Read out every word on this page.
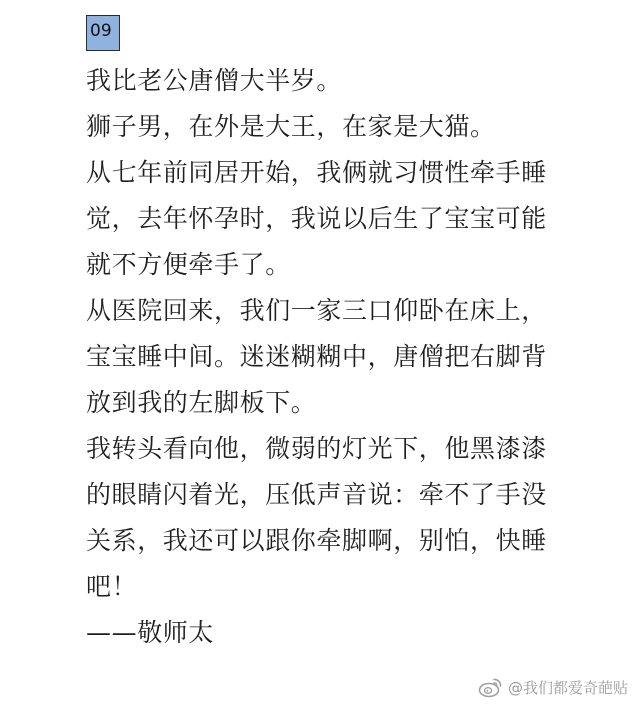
09
我比老公唐僧大半岁。
狮子男，在外是大王，在家是大猫。
从七年前同居开始，我俩就习惯性牵手睡
觉，去年怀孕时，我说以后生了宝宝可能
就不方便牵手了。
从医院回来，我们一家三口仰卧在床上，
宝宝睡中间。迷迷糊糊中，唐僧把右脚背
放到我的左脚板下。
我转头看向他，微弱的灯光下，他黑漆漆
的眼睛闪着光，压低声音说：牵不了手没
关系，我还可以跟你牵脚啊，别怕，快睡
吧！
——敬师太
@我们都爱奇葩贴
